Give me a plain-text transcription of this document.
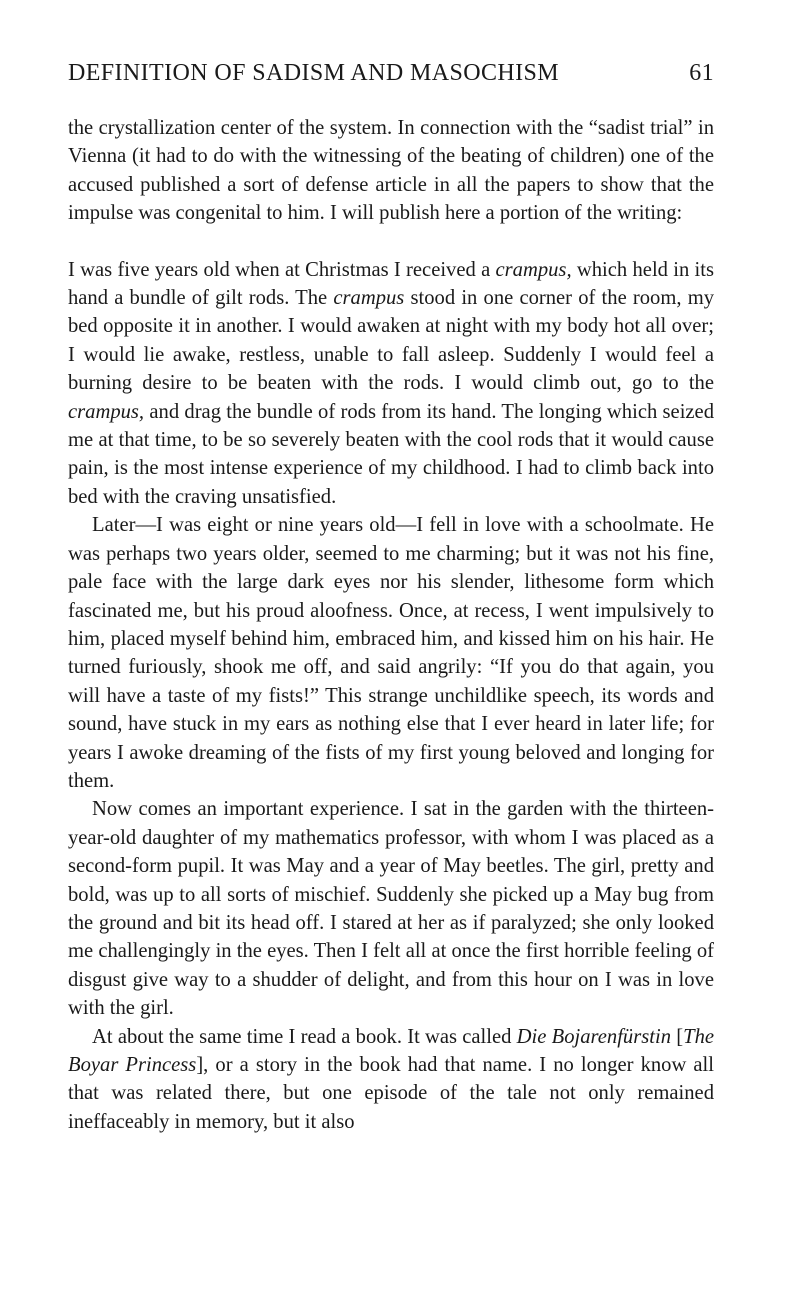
DEFINITION OF SADISM AND MASOCHISM	61

the crystallization center of the system. In connection with the “sadist trial” in Vienna (it had to do with the witnessing of the beating of children) one of the accused published a sort of defense article in all the papers to show that the impulse was congenital to him. I will publish here a portion of the writing:

I was five years old when at Christmas I received a crampus, which held in its hand a bundle of gilt rods. The crampus stood in one corner of the room, my bed opposite it in another. I would awaken at night with my body hot all over; I would lie awake, restless, unable to fall asleep. Suddenly I would feel a burning desire to be beaten with the rods. I would climb out, go to the crampus, and drag the bundle of rods from its hand. The longing which seized me at that time, to be so severely beaten with the cool rods that it would cause pain, is the most intense experience of my childhood. I had to climb back into bed with the craving unsatisfied.

Later—I was eight or nine years old—I fell in love with a schoolmate. He was perhaps two years older, seemed to me charming; but it was not his fine, pale face with the large dark eyes nor his slender, lithesome form which fascinated me, but his proud aloofness. Once, at recess, I went impulsively to him, placed myself behind him, embraced him, and kissed him on his hair. He turned furiously, shook me off, and said angrily: “If you do that again, you will have a taste of my fists!” This strange unchildlike speech, its words and sound, have stuck in my ears as nothing else that I ever heard in later life; for years I awoke dreaming of the fists of my first young beloved and longing for them.

Now comes an important experience. I sat in the garden with the thirteen-year-old daughter of my mathematics professor, with whom I was placed as a second-form pupil. It was May and a year of May beetles. The girl, pretty and bold, was up to all sorts of mischief. Suddenly she picked up a May bug from the ground and bit its head off. I stared at her as if paralyzed; she only looked me challengingly in the eyes. Then I felt all at once the first horrible feeling of disgust give way to a shudder of delight, and from this hour on I was in love with the girl.

At about the same time I read a book. It was called Die Bojarenfürstin [The Boyar Princess], or a story in the book had that name. I no longer know all that was related there, but one episode of the tale not only remained ineffaceably in memory, but it also
